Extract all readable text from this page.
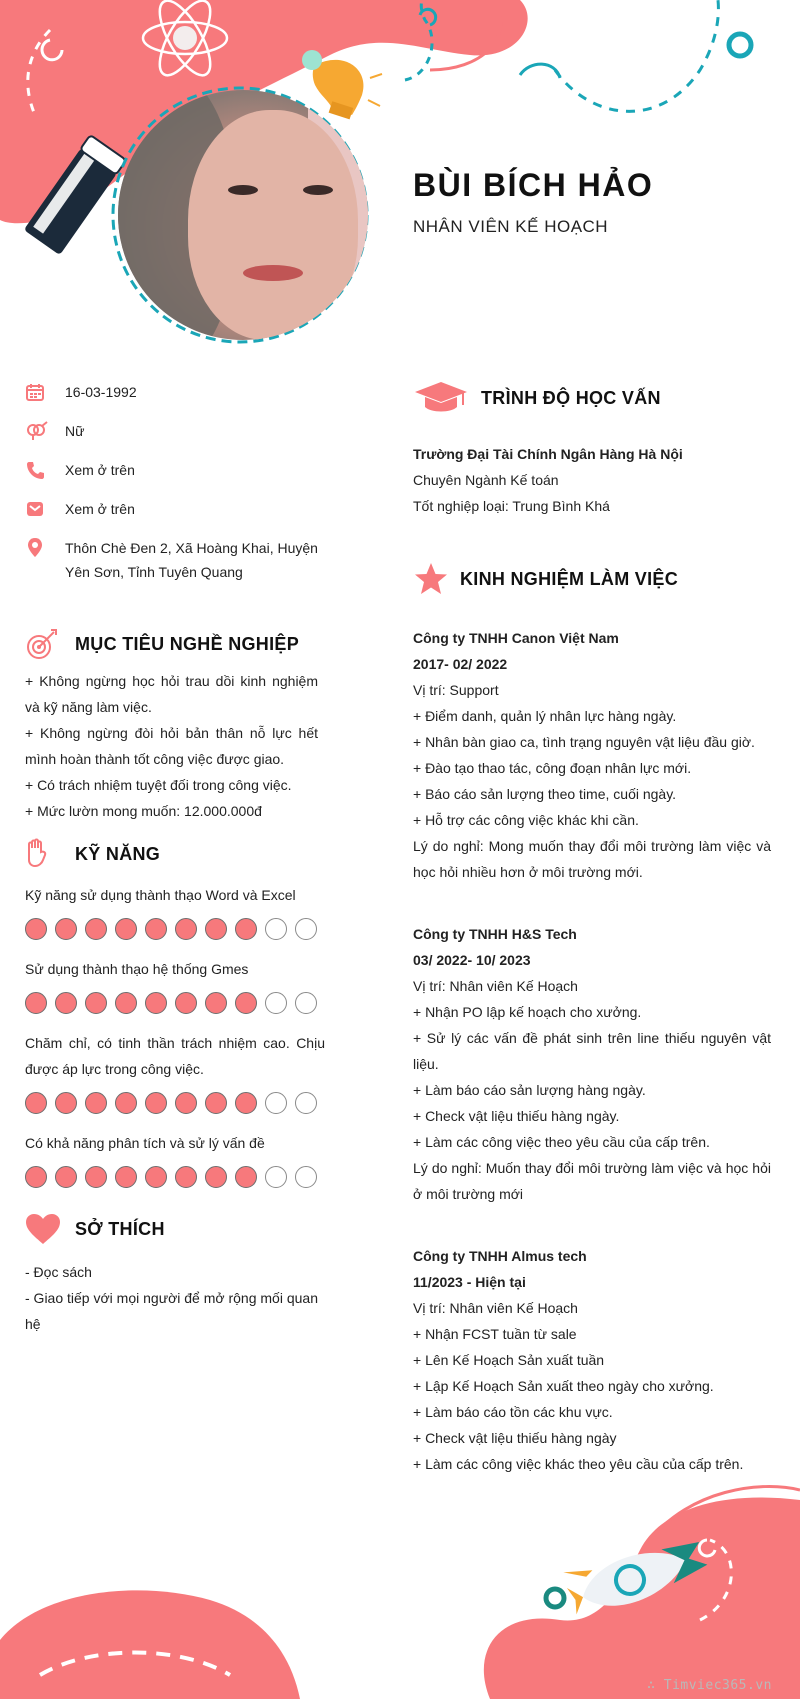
BÙI BÍCH HẢO
NHÂN VIÊN KẾ HOẠCH
16-03-1992
Nữ
Xem ở trên
Xem ở trên
Thôn Chè Đen 2, Xã Hoàng Khai, Huyện Yên Sơn, Tỉnh Tuyên Quang
MỤC TIÊU NGHỀ NGHIỆP

+ Không ngừng học hỏi trau dồi kinh nghiệm và kỹ năng làm việc.

+ Không ngừng đòi hỏi bản thân nỗ lực hết mình hoàn thành tốt công việc được giao.

+ Có trách nhiệm tuyệt đối trong công việc.

+ Mức lườn mong muốn: 12.000.000đ

KỸ NĂNG
Kỹ năng sử dụng thành thạo Word và Excel
Sử dụng thành thạo hệ thống Gmes
Chăm chỉ, có tinh thần trách nhiệm cao. Chịu được áp lực trong công việc.
Có khả năng phân tích và sử lý vấn đề
SỞ THÍCH

- Đọc sách

- Giao tiếp với mọi người để mở rộng mối quan hệ

TRÌNH ĐỘ HỌC VẤN
Trường Đại Tài Chính Ngân Hàng Hà Nội
Chuyên Ngành Kế toán
Tốt nghiệp loại: Trung Bình Khá
KINH NGHIỆM LÀM VIỆC
Công ty TNHH Canon Việt Nam
2017- 02/ 2022
Vị trí: Support
+ Điểm danh, quản lý nhân lực hàng ngày.
+ Nhân bàn giao ca, tình trạng nguyên vật liệu đầu giờ.
+ Đào tạo thao tác, công đoạn nhân lực mới.
+ Báo cáo sản lượng theo time, cuối ngày.
+ Hỗ trợ các công việc khác khi cần.
Lý do nghỉ: Mong muốn thay đổi môi trường làm việc và học hỏi nhiều hơn ở môi trường mới.
Công ty TNHH H&S Tech
03/ 2022- 10/ 2023
Vị trí: Nhân viên Kế Hoạch
+ Nhận PO lập kế hoạch cho xưởng.
+ Sử lý các vấn đề phát sinh trên line thiếu nguyên vật liệu.
+ Làm báo cáo sản lượng hàng ngày.
+ Check vật liệu thiếu hàng ngày.
+ Làm các công việc theo yêu cầu của cấp trên.
Lý do nghỉ: Muốn thay đổi môi trường làm việc và học hỏi ở môi trường mới
Công ty TNHH Almus tech
11/2023 - Hiện tại
Vị trí: Nhân viên Kế Hoạch
+ Nhận FCST tuần từ sale
+ Lên Kế Hoạch Sản xuất tuần
+ Lập Kế Hoạch Sản xuất theo ngày cho xưởng.
+ Làm báo cáo tồn các khu vực.
+ Check vật liệu thiếu hàng ngày
+ Làm các công việc khác theo yêu cầu của cấp trên.
∴ Timviec365.vn
